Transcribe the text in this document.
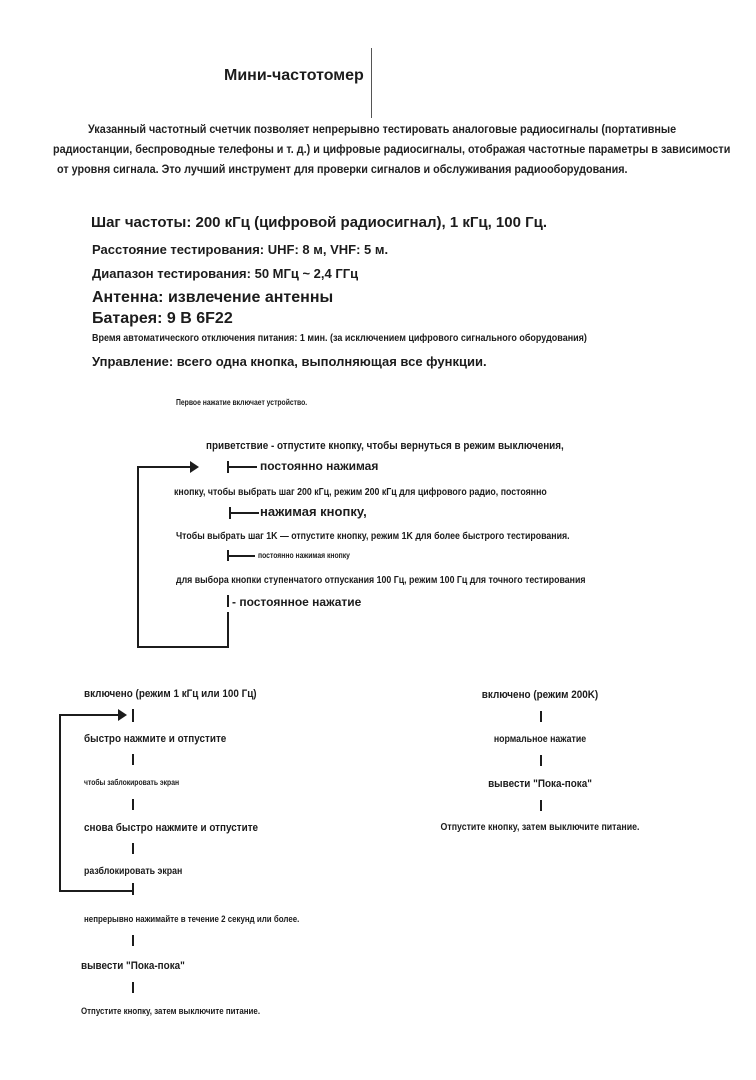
Мини-частотомер
Указанный частотный счетчик позволяет непрерывно тестировать аналоговые радиосигналы (портативные
радиостанции, беспроводные телефоны и т. д.) и цифровые радиосигналы, отображая частотные параметры в зависимости
от уровня сигнала. Это лучший инструмент для проверки сигналов и обслуживания радиооборудования.
Шаг частоты: 200 кГц (цифровой радиосигнал), 1 кГц, 100 Гц.
Расстояние тестирования: UHF: 8 м, VHF: 5 м.
Диапазон тестирования: 50 МГц ~ 2,4 ГГц
Антенна: извлечение антенны
Батарея: 9 В 6F22
Время автоматического отключения питания: 1 мин. (за исключением цифрового сигнального оборудования)
Управление: всего одна кнопка, выполняющая все функции.
Первое нажатие включает устройство.
приветствие - отпустите кнопку, чтобы вернуться в режим выключения,
постоянно нажимая
кнопку, чтобы выбрать шаг 200 кГц, режим 200 кГц для цифрового радио, постоянно
нажимая кнопку,
Чтобы выбрать шаг 1K — отпустите кнопку, режим 1K для более быстрого тестирования.
постоянно нажимая кнопку
для выбора кнопки ступенчатого отпускания 100 Гц, режим 100 Гц для точного тестирования
- постоянное нажатие
включено (режим 1 кГц или 100 Гц)
быстро нажмите и отпустите
чтобы заблокировать экран
снова быстро нажмите и отпустите
разблокировать экран
непрерывно нажимайте в течение 2 секунд или более.
вывести "Пока-пока"
Отпустите кнопку, затем выключите питание.
включено (режим 200K)
нормальное нажатие
вывести "Пока-пока"
Отпустите кнопку, затем выключите питание.
